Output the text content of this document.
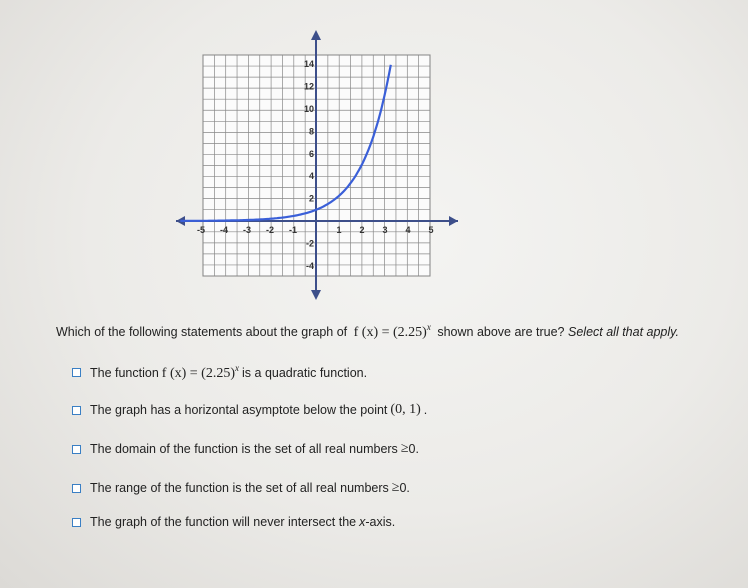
-5 -4 -3 -2 -1	1 2 3 4 5
-4
-2
2
4
6
8
10
12
14
Which of the following statements about the graph of f $(x) = (2.25)^x$ shown above are true? Select all that apply.
The function f $(x) = (2.25)^x$ is a quadratic function.
The graph has a horizontal asymptote below the point (0, 1) .
The domain of the function is the set of all real numbers ≥ 0.
The range of the function is the set of all real numbers ≥ 0.
The graph of the function will never intersect the x -axis.
